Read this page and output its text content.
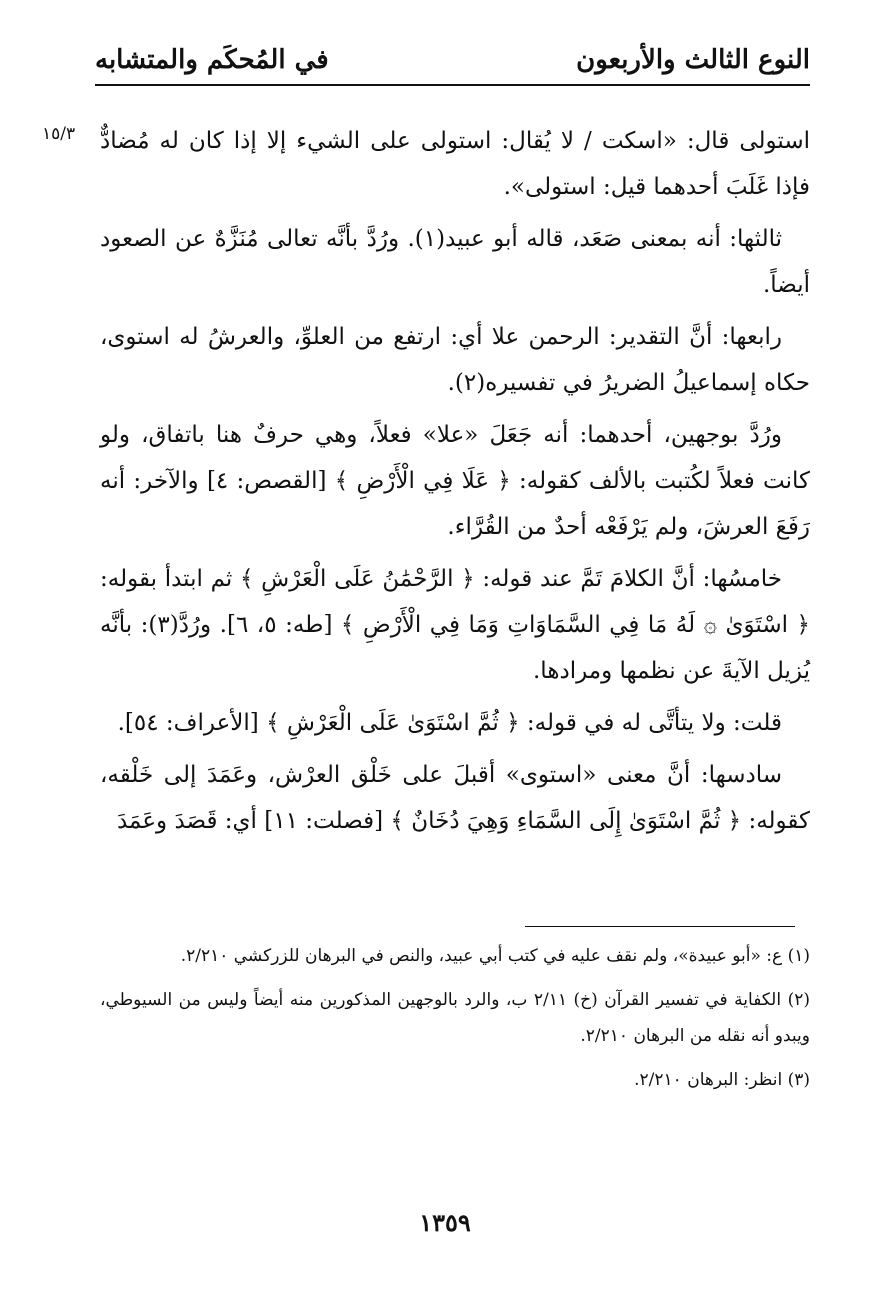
النوع الثالث والأربعون
في المُحكَم والمتشابه
١٥/٣	استولى قال: «اسكت / لا يُقال: استولى على الشيء إلا إذا كان له مُضادٌّ فإذا غَلَبَ أحدهما قيل: استولى».

ثالثها: أنه بمعنى صَعَد، قاله أبو عبيد(١). ورُدَّ بأنَّه تعالى مُنَزَّهٌ عن الصعود أيضاً.

رابعها: أنَّ التقدير: الرحمن علا أي: ارتفع من العلوِّ، والعرشُ له استوى، حكاه إسماعيلُ الضريرُ في تفسيره(٢).

ورُدَّ بوجهين، أحدهما: أنه جَعَلَ «علا» فعلاً، وهي حرفٌ هنا باتفاق، ولو كانت فعلاً لكُتبت بالألف كقوله: ﴿ عَلَا فِي الْأَرْضِ ﴾ [القصص: ٤] والآخر: أنه رَفَعَ العرشَ، ولم يَرْفَعْه أحدٌ من القُرَّاء.

خامسُها: أنَّ الكلامَ تَمَّ عند قوله: ﴿ الرَّحْمَٰنُ عَلَى الْعَرْشِ ﴾ ثم ابتدأ بقوله: ﴿ اسْتَوَىٰ ۞ لَهُ مَا فِي السَّمَاوَاتِ وَمَا فِي الْأَرْضِ ﴾ [طه: ٥، ٦]. ورُدَّ(٣): بأنَّه يُزيل الآيةَ عن نظمها ومرادها.

قلت: ولا يتأتَّى له في قوله: ﴿ ثُمَّ اسْتَوَىٰ عَلَى الْعَرْشِ ﴾ [الأعراف: ٥٤].

سادسها: أنَّ معنى «استوى» أقبلَ على خَلْق العرْش، وعَمَدَ إلى خَلْقه، كقوله: ﴿ ثُمَّ اسْتَوَىٰ إِلَى السَّمَاءِ وَهِيَ دُخَانٌ ﴾ [فصلت: ١١] أي: قَصَدَ وعَمَدَ

(١) ع: «أبو عبيدة»، ولم نقف عليه في كتب أبي عبيد، والنص في البرهان للزركشي ٢/٢١٠.

(٢) الكفاية في تفسير القرآن (خ) ٢/١١ ب، والرد بالوجهين المذكورين منه أيضاً وليس من السيوطي، ويبدو أنه نقله من البرهان ٢/٢١٠.

(٣) انظر: البرهان ٢/٢١٠.

١٣٥٩
